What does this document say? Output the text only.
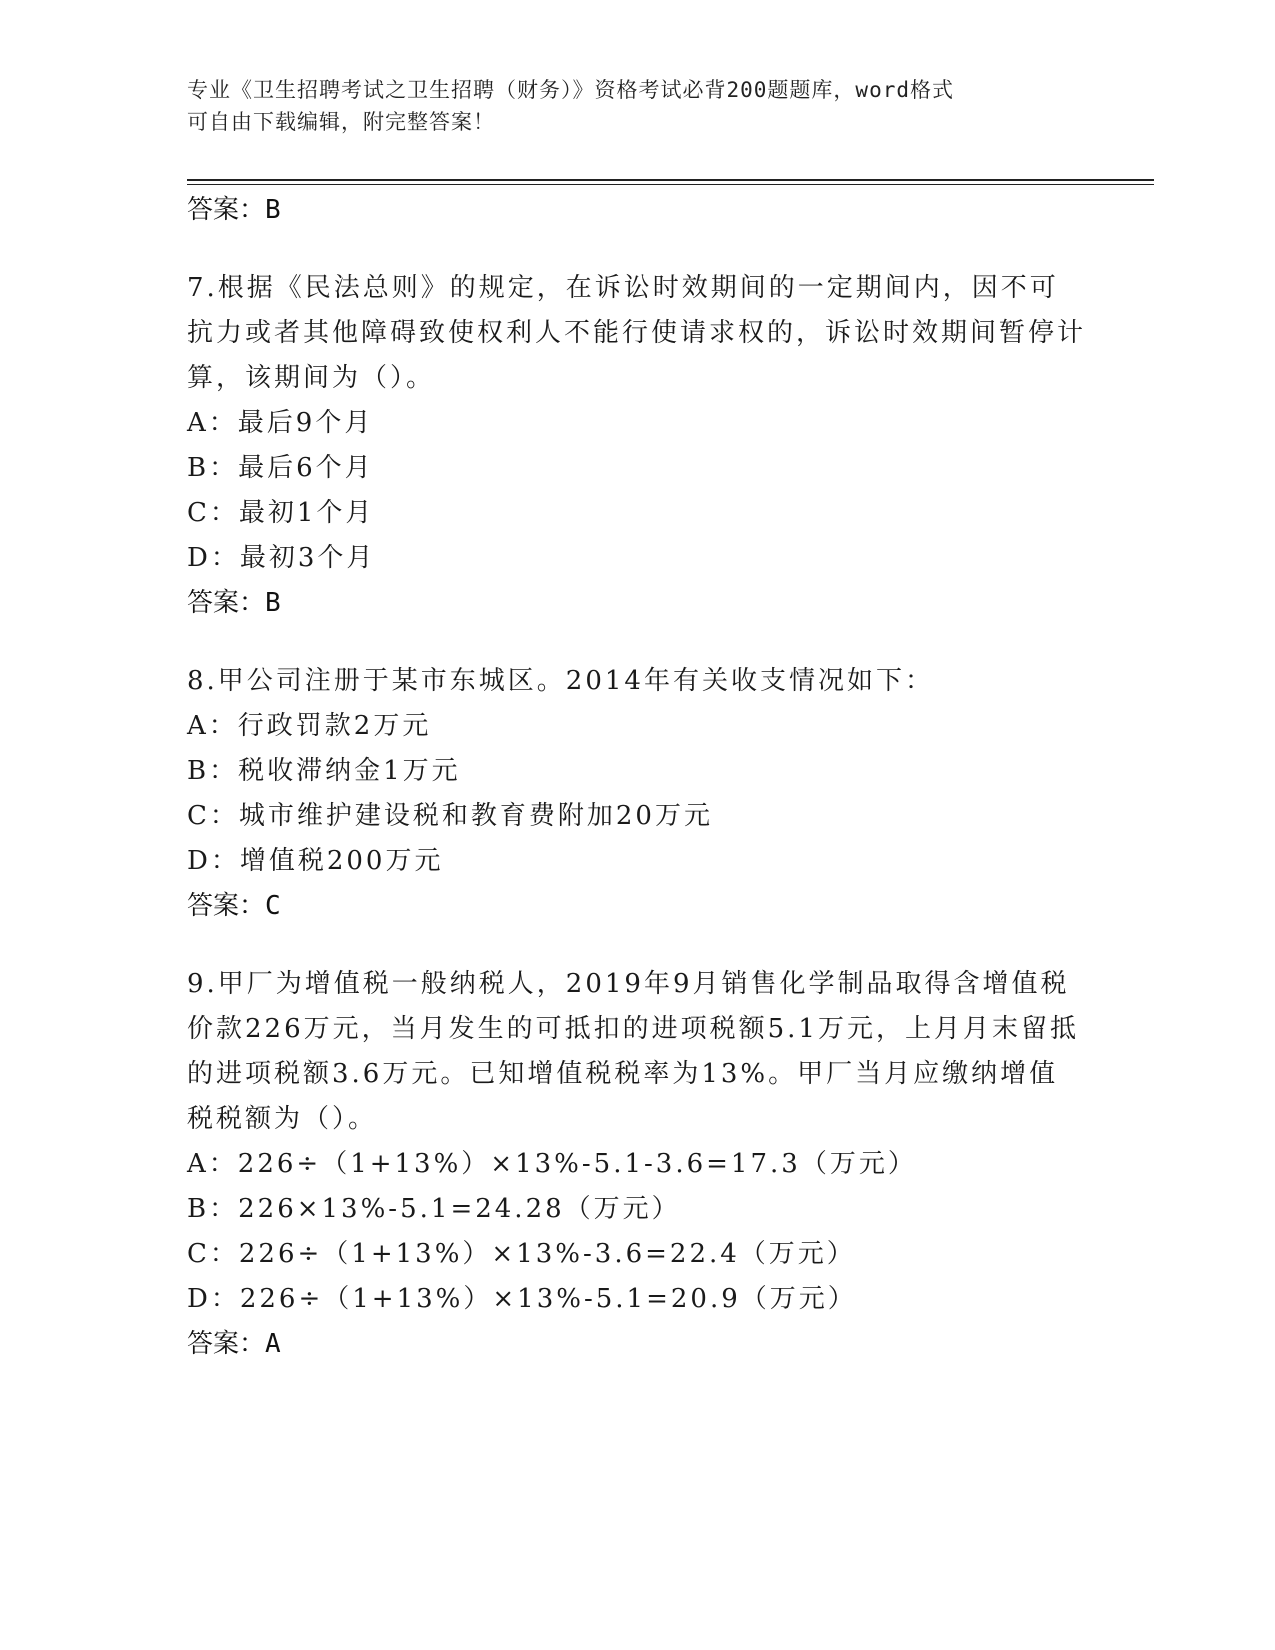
专业《卫生招聘考试之卫生招聘（财务）》资格考试必背200题题库，word格式
可自由下载编辑，附完整答案！
答案：B
7.根据《民法总则》的规定，在诉讼时效期间的一定期间内，因不可抗力或者其他障碍致使权利人不能行使请求权的，诉讼时效期间暂停计算，该期间为（）。
A：最后9个月
B：最后6个月
C：最初1个月
D：最初3个月
答案：B
8.甲公司注册于某市东城区。2014年有关收支情况如下：
A：行政罚款2万元
B：税收滞纳金1万元
C：城市维护建设税和教育费附加20万元
D：增值税200万元
答案：C
9.甲厂为增值税一般纳税人，2019年9月销售化学制品取得含增值税价款226万元，当月发生的可抵扣的进项税额5.1万元，上月月末留抵的进项税额3.6万元。已知增值税税率为13%。甲厂当月应缴纳增值税税额为（）。
A：226÷（1+13%）×13%-5.1-3.6=17.3（万元）
B：226×13%-5.1=24.28（万元）
C：226÷（1+13%）×13%-3.6=22.4（万元）
D：226÷（1+13%）×13%-5.1=20.9（万元）
答案：A
